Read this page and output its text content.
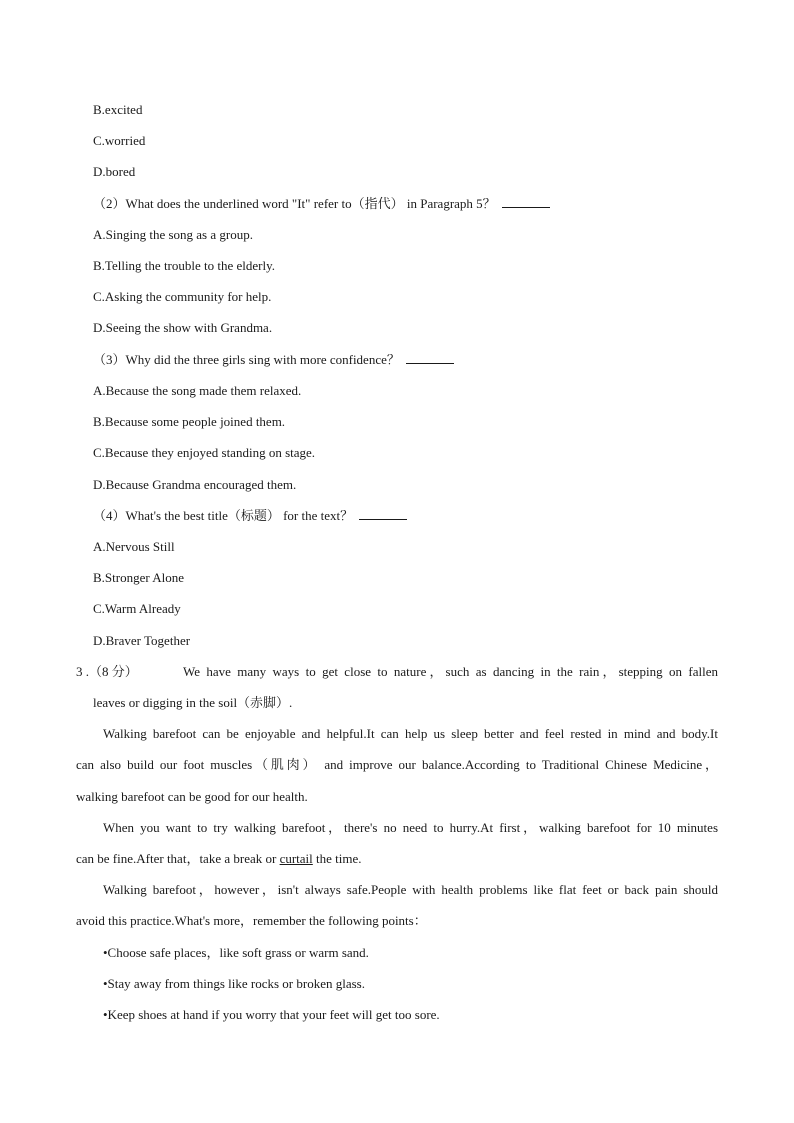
B.excited
C.worried
D.bored
（2）What does the underlined word "It" refer to（指代） in Paragraph 5？
A.Singing the song as a group.
B.Telling the trouble to the elderly.
C.Asking the community for help.
D.Seeing the show with Grandma.
（3）Why did the three girls sing with more confidence？
A.Because the song made them relaxed.
B.Because some people joined them.
C.Because they enjoyed standing on stage.
D.Because Grandma encouraged them.
（4）What's the best title（标题） for the text？
A.Nervous Still
B.Stronger Alone
C.Warm Already
D.Braver Together
3 .（8 分）	We have many ways to get close to nature，such as dancing in the rain，stepping on fallen
leaves or digging in the soil（赤脚）.
Walking barefoot can be enjoyable and helpful.It can help us sleep better and feel rested in mind and body.It
can also build our foot muscles（肌肉） and improve our balance.According to Traditional Chinese Medicine，
walking barefoot can be good for our health.
When you want to try walking barefoot，there's no need to hurry.At first，walking barefoot for 10 minutes
can be fine.After that，take a break or curtail the time.
Walking barefoot，however，isn't always safe.People with health problems like flat feet or back pain should
avoid this practice.What's more，remember the following points：
•Choose safe places，like soft grass or warm sand.
•Stay away from things like rocks or broken glass.
•Keep shoes at hand if you worry that your feet will get too sore.
